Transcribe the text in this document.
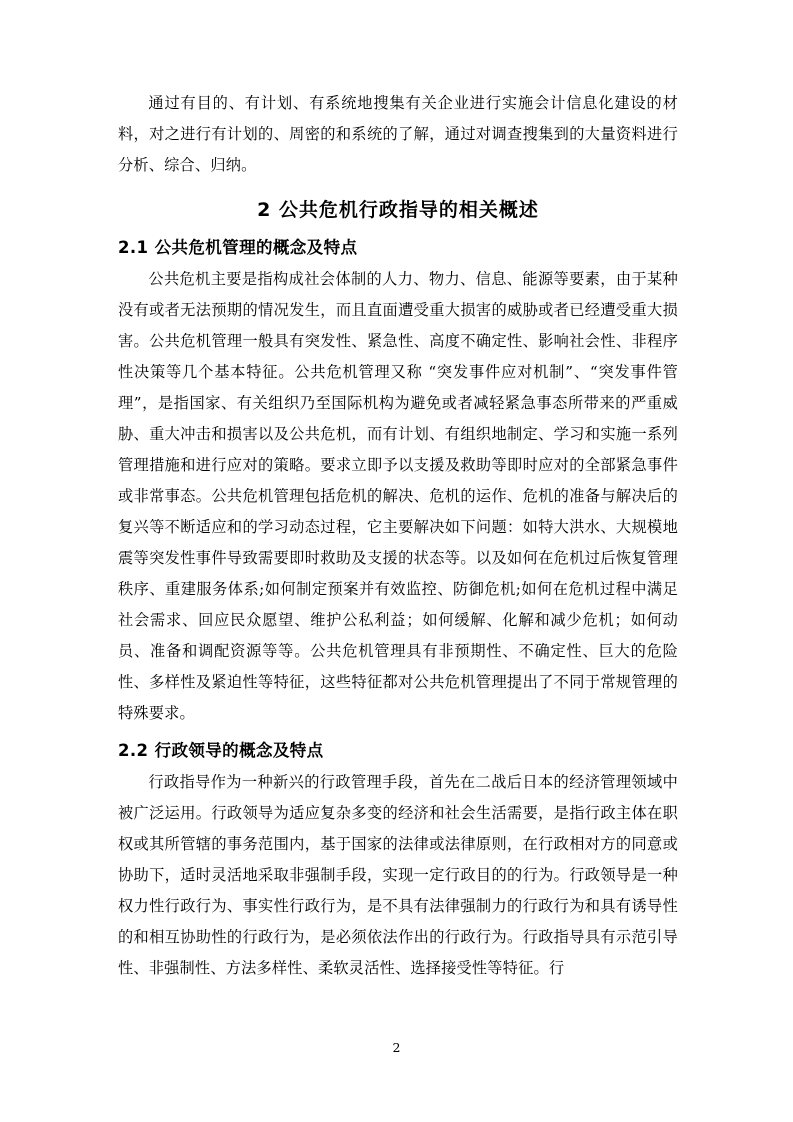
通过有目的、有计划、有系统地搜集有关企业进行实施会计信息化建设的材料，对之进行有计划的、周密的和系统的了解，通过对调查搜集到的大量资料进行分析、综合、归纳。

2 公共危机行政指导的相关概述
2.1 公共危机管理的概念及特点

公共危机主要是指构成社会体制的人力、物力、信息、能源等要素，由于某种没有或者无法预期的情况发生，而且直面遭受重大损害的威胁或者已经遭受重大损害。公共危机管理一般具有突发性、紧急性、高度不确定性、影响社会性、非程序性决策等几个基本特征。公共危机管理又称 “突发事件应对机制”、“突发事件管理”，是指国家、有关组织乃至国际机构为避免或者减轻紧急事态所带来的严重威胁、重大冲击和损害以及公共危机，而有计划、有组织地制定、学习和实施一系列管理措施和进行应对的策略。要求立即予以支援及救助等即时应对的全部紧急事件或非常事态。公共危机管理包括危机的解决、危机的运作、危机的准备与解决后的复兴等不断适应和的学习动态过程，它主要解决如下问题：如特大洪水、大规模地震等突发性事件导致需要即时救助及支援的状态等。以及如何在危机过后恢复管理秩序、重建服务体系;如何制定预案并有效监控、防御危机;如何在危机过程中满足社会需求、回应民众愿望、维护公私利益；如何缓解、化解和减少危机；如何动员、准备和调配资源等等。公共危机管理具有非预期性、不确定性、巨大的危险性、多样性及紧迫性等特征，这些特征都对公共危机管理提出了不同于常规管理的特殊要求。

2.2 行政领导的概念及特点

行政指导作为一种新兴的行政管理手段，首先在二战后日本的经济管理领域中被广泛运用。行政领导为适应复杂多变的经济和社会生活需要，是指行政主体在职权或其所管辖的事务范围内，基于国家的法律或法律原则，在行政相对方的同意或协助下，适时灵活地采取非强制手段，实现一定行政目的的行为。行政领导是一种权力性行政行为、事实性行政行为，是不具有法律强制力的行政行为和具有诱导性的和相互协助性的行政行为，是必须依法作出的行政行为。行政指导具有示范引导性、非强制性、方法多样性、柔软灵活性、选择接受性等特征。行

2
